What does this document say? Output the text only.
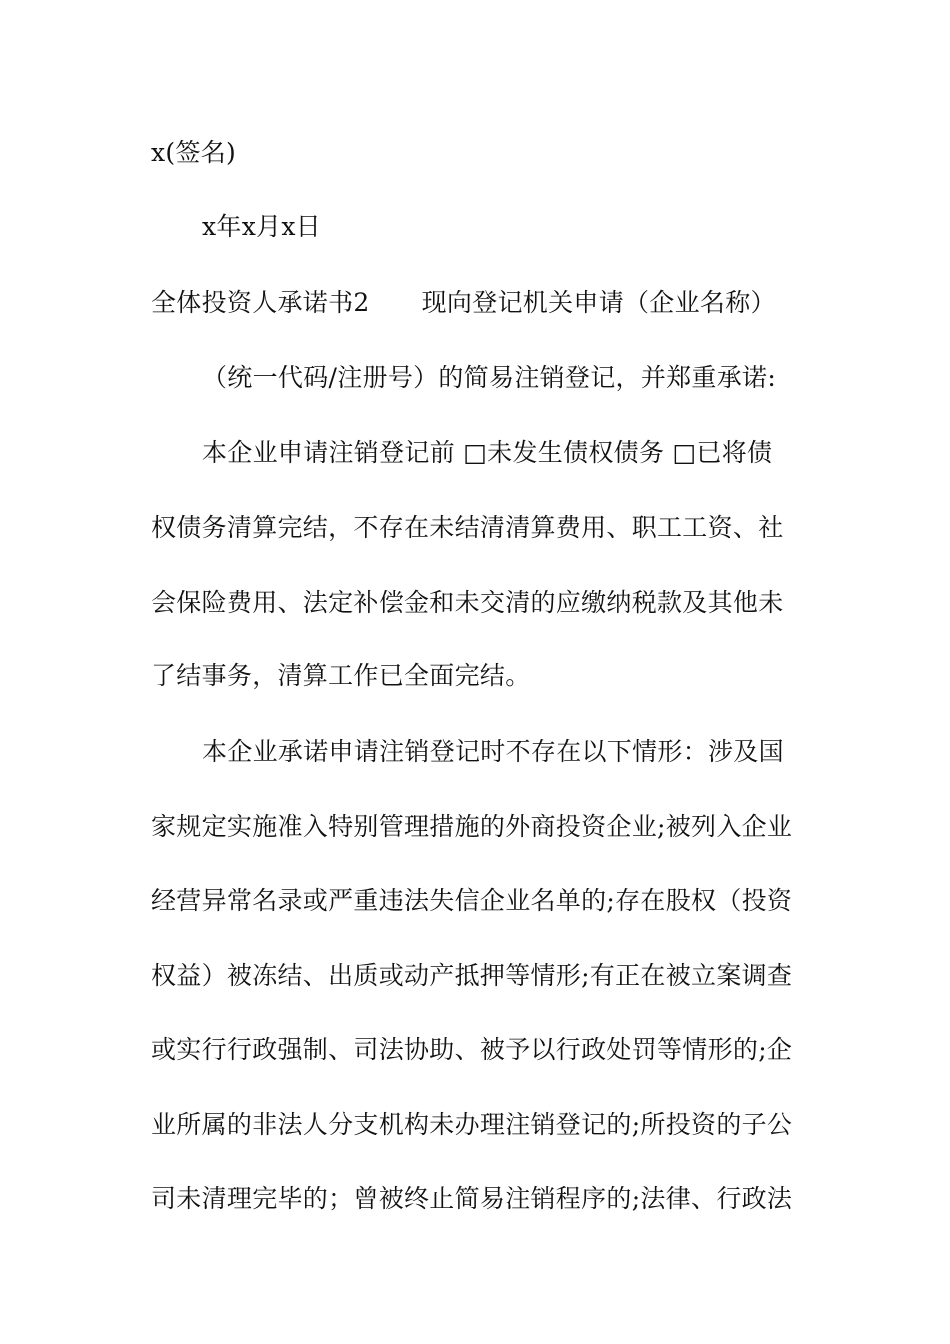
x(签名)
x年x月x日
全体投资人承诺书2 现向登记机关申请（企业名称）
（统一代码/注册号）的简易注销登记，并郑重承诺:
本企业申请注销登记前 □未发生债权债务 □已将债
权债务清算完结，不存在未结清清算费用、职工工资、社
会保险费用、法定补偿金和未交清的应缴纳税款及其他未
了结事务，清算工作已全面完结。
本企业承诺申请注销登记时不存在以下情形：涉及国
家规定实施准入特别管理措施的外商投资企业;被列入企业
经营异常名录或严重违法失信企业名单的;存在股权（投资
权益）被冻结、出质或动产抵押等情形;有正在被立案调查
或实行行政强制、司法协助、被予以行政处罚等情形的;企
业所属的非法人分支机构未办理注销登记的;所投资的子公
司未清理完毕的；曾被终止简易注销程序的;法律、行政法
